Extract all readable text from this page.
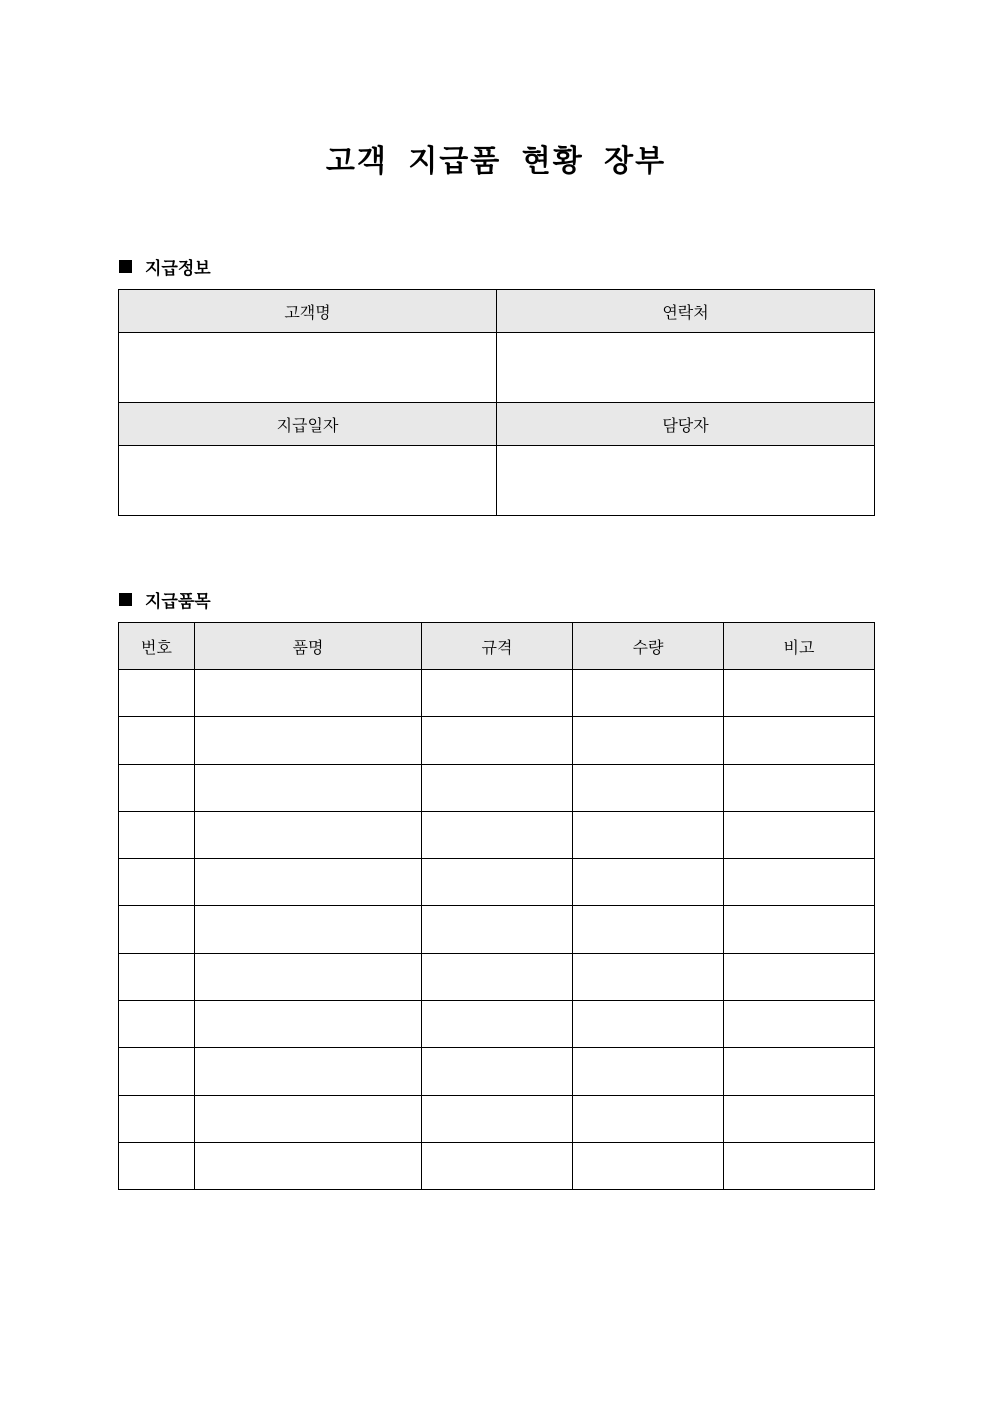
고객 지급품 현황 장부
지급정보
고객명	연락처

지급일자	담당자

지급품목
번호	품명	규격	수량	비고
